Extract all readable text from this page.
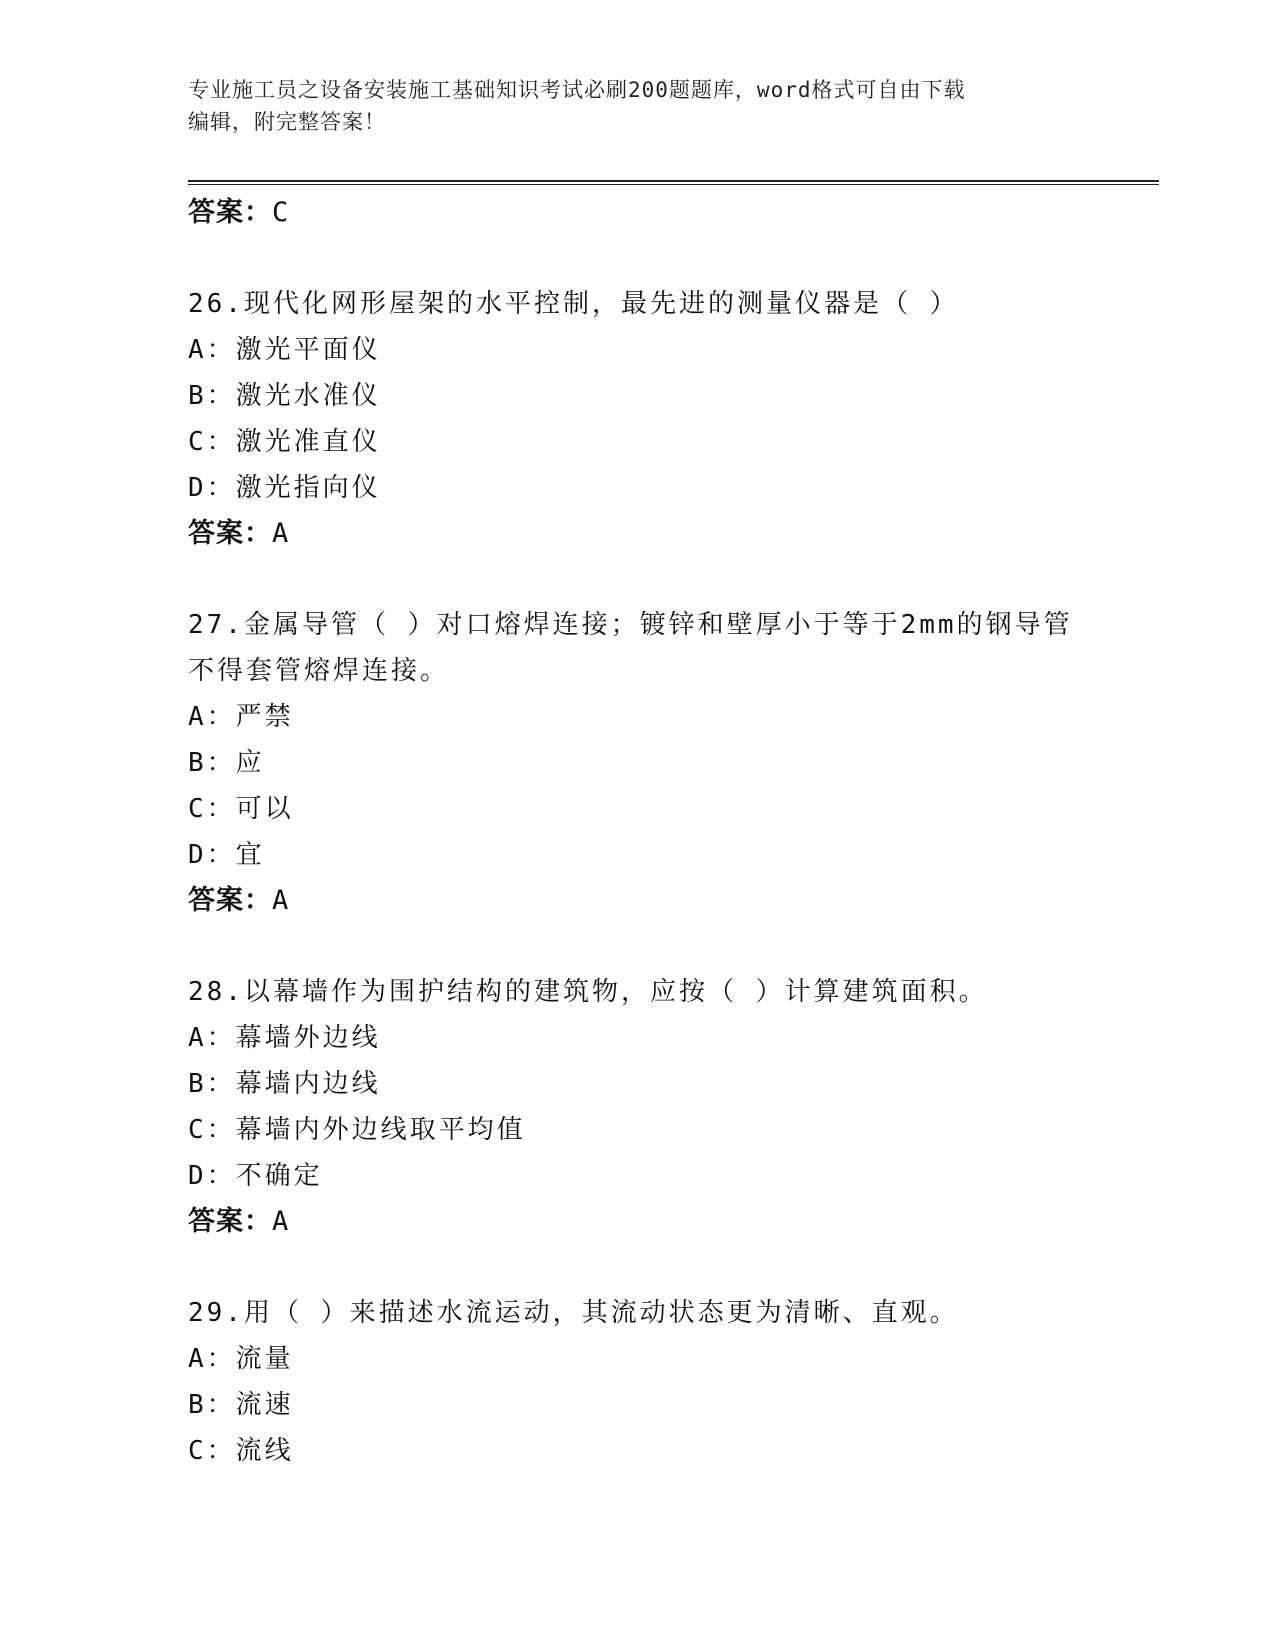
专业施工员之设备安装施工基础知识考试必刷200题题库，word格式可自由下载
编辑，附完整答案！
答案：C
26.现代化网形屋架的水平控制，最先进的测量仪器是（ ）
A：激光平面仪
B：激光水准仪
C：激光准直仪
D：激光指向仪
答案：A
27.金属导管（ ）对口熔焊连接；镀锌和壁厚小于等于2mm的钢导管
不得套管熔焊连接。
A：严禁
B：应
C：可以
D：宜
答案：A
28.以幕墙作为围护结构的建筑物，应按（ ）计算建筑面积。
A：幕墙外边线
B：幕墙内边线
C：幕墙内外边线取平均值
D：不确定
答案：A
29.用（ ）来描述水流运动，其流动状态更为清晰、直观。
A：流量
B：流速
C：流线
